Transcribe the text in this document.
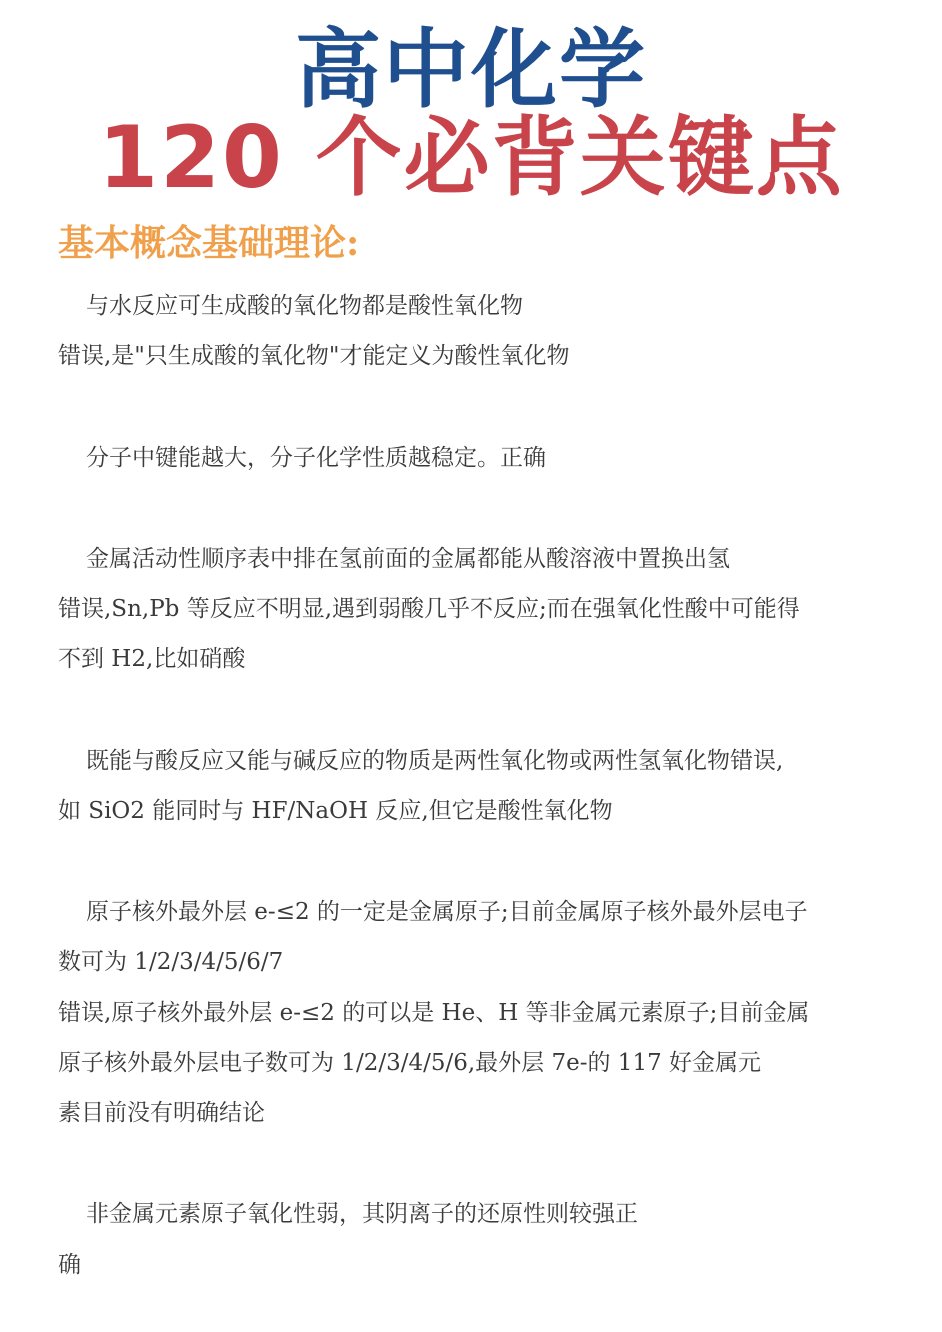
高中化学
120 个必背关键点
基本概念基础理论:
与水反应可生成酸的氧化物都是酸性氧化物
错误,是"只生成酸的氧化物"才能定义为酸性氧化物
分子中键能越大，分子化学性质越稳定。正确
金属活动性顺序表中排在氢前面的金属都能从酸溶液中置换出氢
错误,Sn,Pb 等反应不明显,遇到弱酸几乎不反应;而在强氧化性酸中可能得
不到 H2,比如硝酸
既能与酸反应又能与碱反应的物质是两性氧化物或两性氢氧化物错误,
如 SiO2 能同时与 HF/NaOH 反应,但它是酸性氧化物
原子核外最外层 e-≤2 的一定是金属原子;目前金属原子核外最外层电子
数可为 1/2/3/4/5/6/7
错误,原子核外最外层 e-≤2 的可以是 He、H 等非金属元素原子;目前金属
原子核外最外层电子数可为 1/2/3/4/5/6,最外层 7e-的 117 好金属元
素目前没有明确结论
非金属元素原子氧化性弱，其阴离子的还原性则较强正
确
